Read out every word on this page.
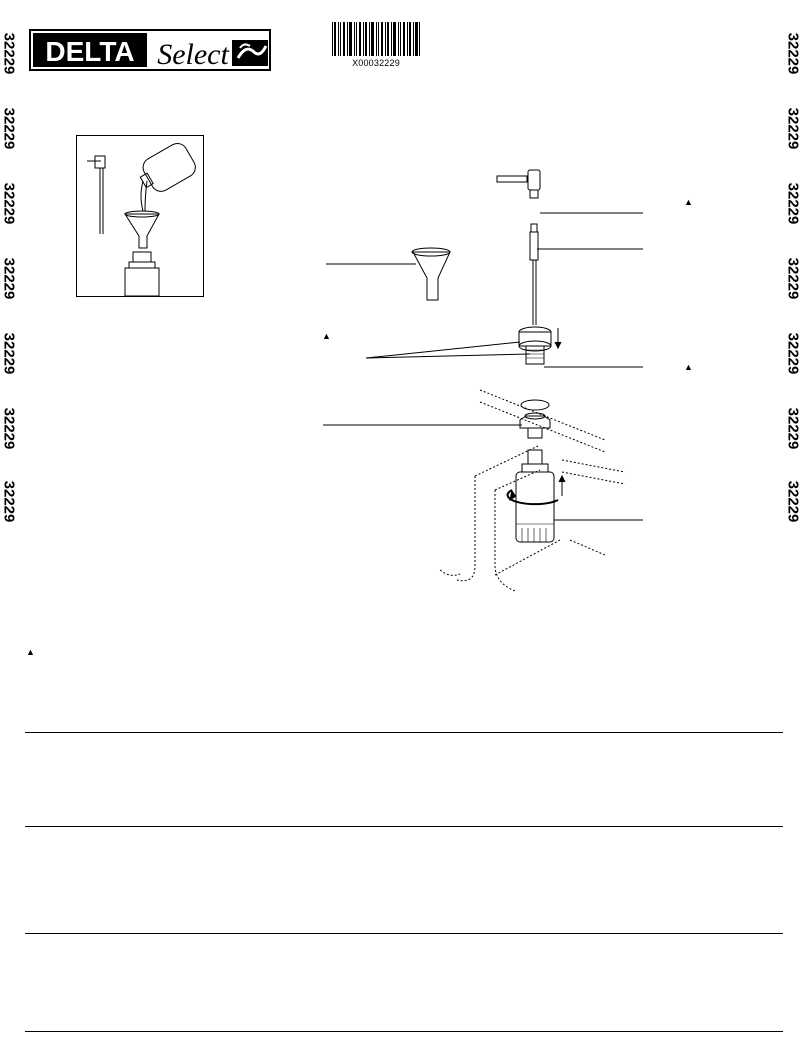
32229
32229
32229
32229
32229
32229
32229
32229
32229
32229
32229
32229
32229
32229
DELTA Select	X00032229
▲
▲
▲
▲
